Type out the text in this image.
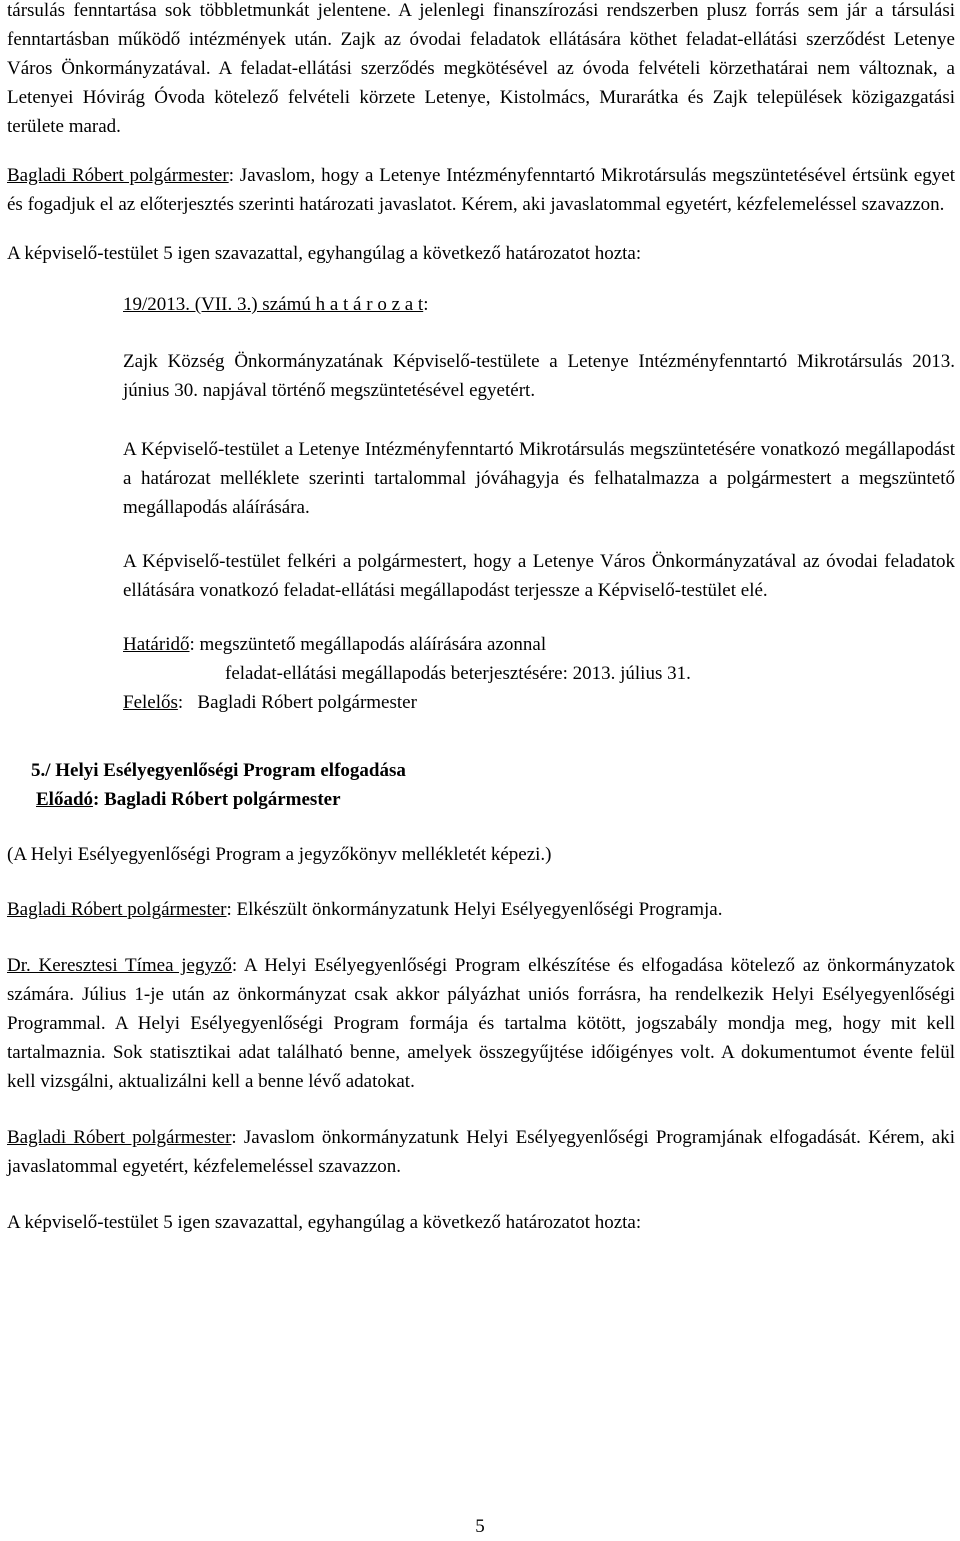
társulás fenntartása sok többletmunkát jelentene. A jelenlegi finanszírozási rendszerben plusz forrás sem jár a társulási fenntartásban működő intézmények után. Zajk az óvodai feladatok ellátására köthet feladat-ellátási szerződést Letenye Város Önkormányzatával. A feladat-ellátási szerződés megkötésével az óvoda felvételi körzethatárai nem változnak, a Letenyei Hóvirág Óvoda kötelező felvételi körzete Letenye, Kistolmács, Murarátka és Zajk települések közigazgatási területe marad.

Bagladi Róbert polgármester: Javaslom, hogy a Letenye Intézményfenntartó Mikrotársulás megszüntetésével értsünk egyet és fogadjuk el az előterjesztés szerinti határozati javaslatot. Kérem, aki javaslatommal egyetért, kézfelemeléssel szavazzon.

A képviselő-testület 5 igen szavazattal, egyhangúlag a következő határozatot hozta:

19/2013. (VII. 3.) számú h a t á r o z a t:

Zajk Község Önkormányzatának Képviselő-testülete a Letenye Intézményfenntartó Mikrotársulás 2013. június 30. napjával történő megszüntetésével egyetért.

A Képviselő-testület a Letenye Intézményfenntartó Mikrotársulás megszüntetésére vonatkozó megállapodást a határozat melléklete szerinti tartalommal jóváhagyja és felhatalmazza a polgármestert a megszüntető megállapodás aláírására.

A Képviselő-testület felkéri a polgármestert, hogy a Letenye Város Önkormányzatával az óvodai feladatok ellátására vonatkozó feladat-ellátási megállapodást terjessze a Képviselő-testület elé.

Határidő: megszüntető megállapodás aláírására azonnal
feladat-ellátási megállapodás beterjesztésére: 2013. július 31.
Felelős:   Bagladi Róbert polgármester

5./ Helyi Esélyegyenlőségi Program elfogadása

Előadó: Bagladi Róbert polgármester

(A Helyi Esélyegyenlőségi Program a jegyzőkönyv mellékletét képezi.)

Bagladi Róbert polgármester: Elkészült önkormányzatunk Helyi Esélyegyenlőségi Programja.

Dr. Keresztesi Tímea jegyző: A Helyi Esélyegyenlőségi Program elkészítése és elfogadása kötelező az önkormányzatok számára. Július 1-je után az önkormányzat csak akkor pályázhat uniós forrásra, ha rendelkezik Helyi Esélyegyenlőségi Programmal. A Helyi Esélyegyenlőségi Program formája és tartalma kötött, jogszabály mondja meg, hogy mit kell tartalmaznia. Sok statisztikai adat található benne, amelyek összegyűjtése időigényes volt. A dokumentumot évente felül kell vizsgálni, aktualizálni kell a benne lévő adatokat.

Bagladi Róbert polgármester: Javaslom önkormányzatunk Helyi Esélyegyenlőségi Programjának elfogadását. Kérem, aki javaslatommal egyetért, kézfelemeléssel szavazzon.

A képviselő-testület 5 igen szavazattal, egyhangúlag a következő határozatot hozta:

5
